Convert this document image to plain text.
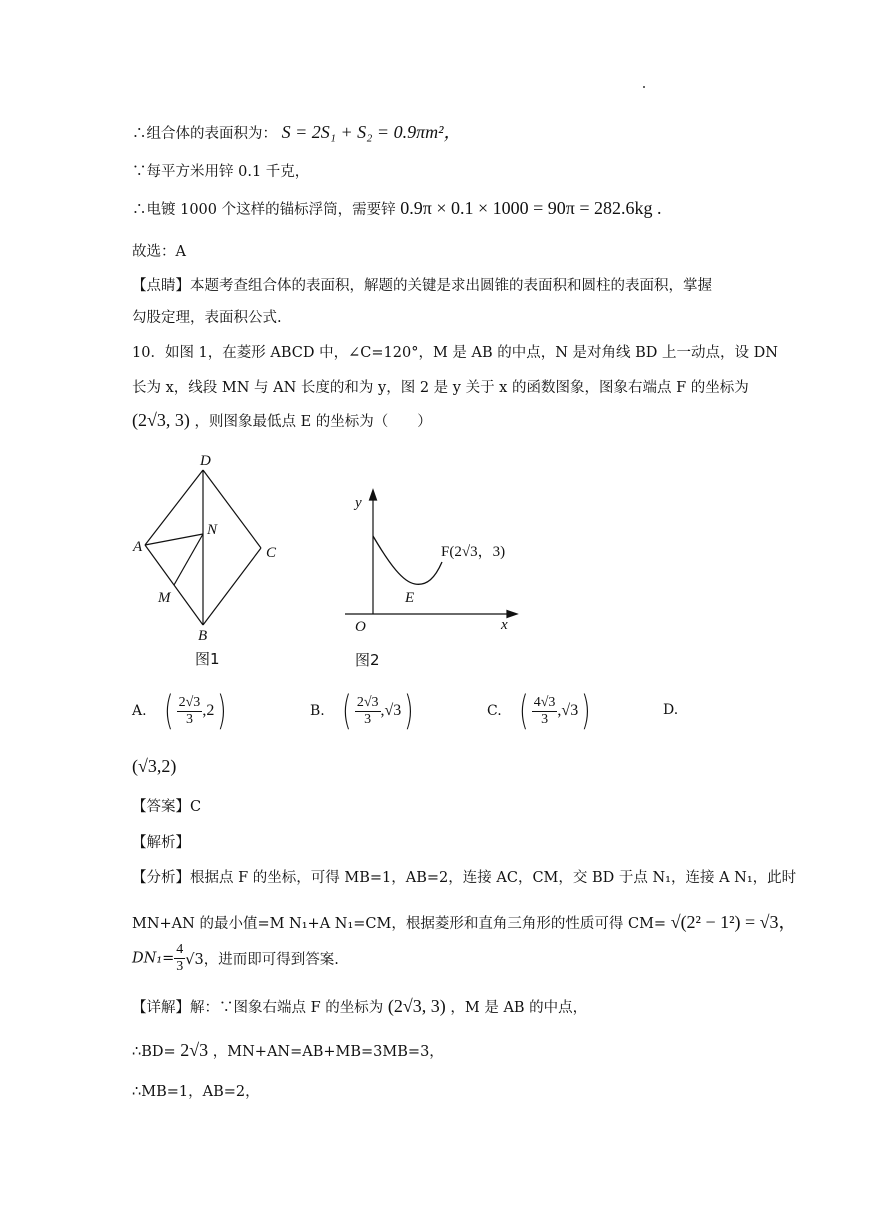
∴组合体的表面积为： S = 2S₁ + S₂ = 0.9πm²，
∵每平方米用锌 0.1 千克，
∴电镀 1000 个这样的锚标浮筒，需要锌 0.9π × 0.1 × 1000 = 90π = 282.6kg .
故选：A
【点睛】本题考查组合体的表面积，解题的关键是求出圆锥的表面积和圆柱的表面积，掌握
勾股定理，表面积公式.
10．如图 1，在菱形 ABCD 中，∠C=120°，M 是 AB 的中点，N 是对角线 BD 上一动点，设 DN
长为 x，线段 MN 与 AN 长度的和为 y，图 2 是 y 关于 x 的函数图象，图象右端点 F 的坐标为
(2√3, 3) ，则图象最低点 E 的坐标为（　　）
D
A
N
C
M
B
图1
y
F(2√3，3)
E
O	x
图2
A. ( $\frac{2√3}{3} ,2$)	B. ( $\frac{2√3}{3} ,√3$)	C. ( $\frac{4√3}{3} ,√3$)	D.
(√3,2)
【答案】C
【解析】
【分析】根据点 F 的坐标，可得 MB=1，AB=2，连接 AC，CM，交 BD 于点 N₁，连接 A N₁，此时
MN+AN 的最小值=M N₁+A N₁=CM，根据菱形和直角三角形的性质可得 CM= √(2² − 1²) = √3，
$DN_1= \frac{4}{3} √3$，进而即可得到答案.
【详解】解：∵图象右端点 F 的坐标为 (2√3, 3) ，M 是 AB 的中点，
∴BD= 2√3 ，MN+AN=AB+MB=3MB=3，
∴MB=1，AB=2，
